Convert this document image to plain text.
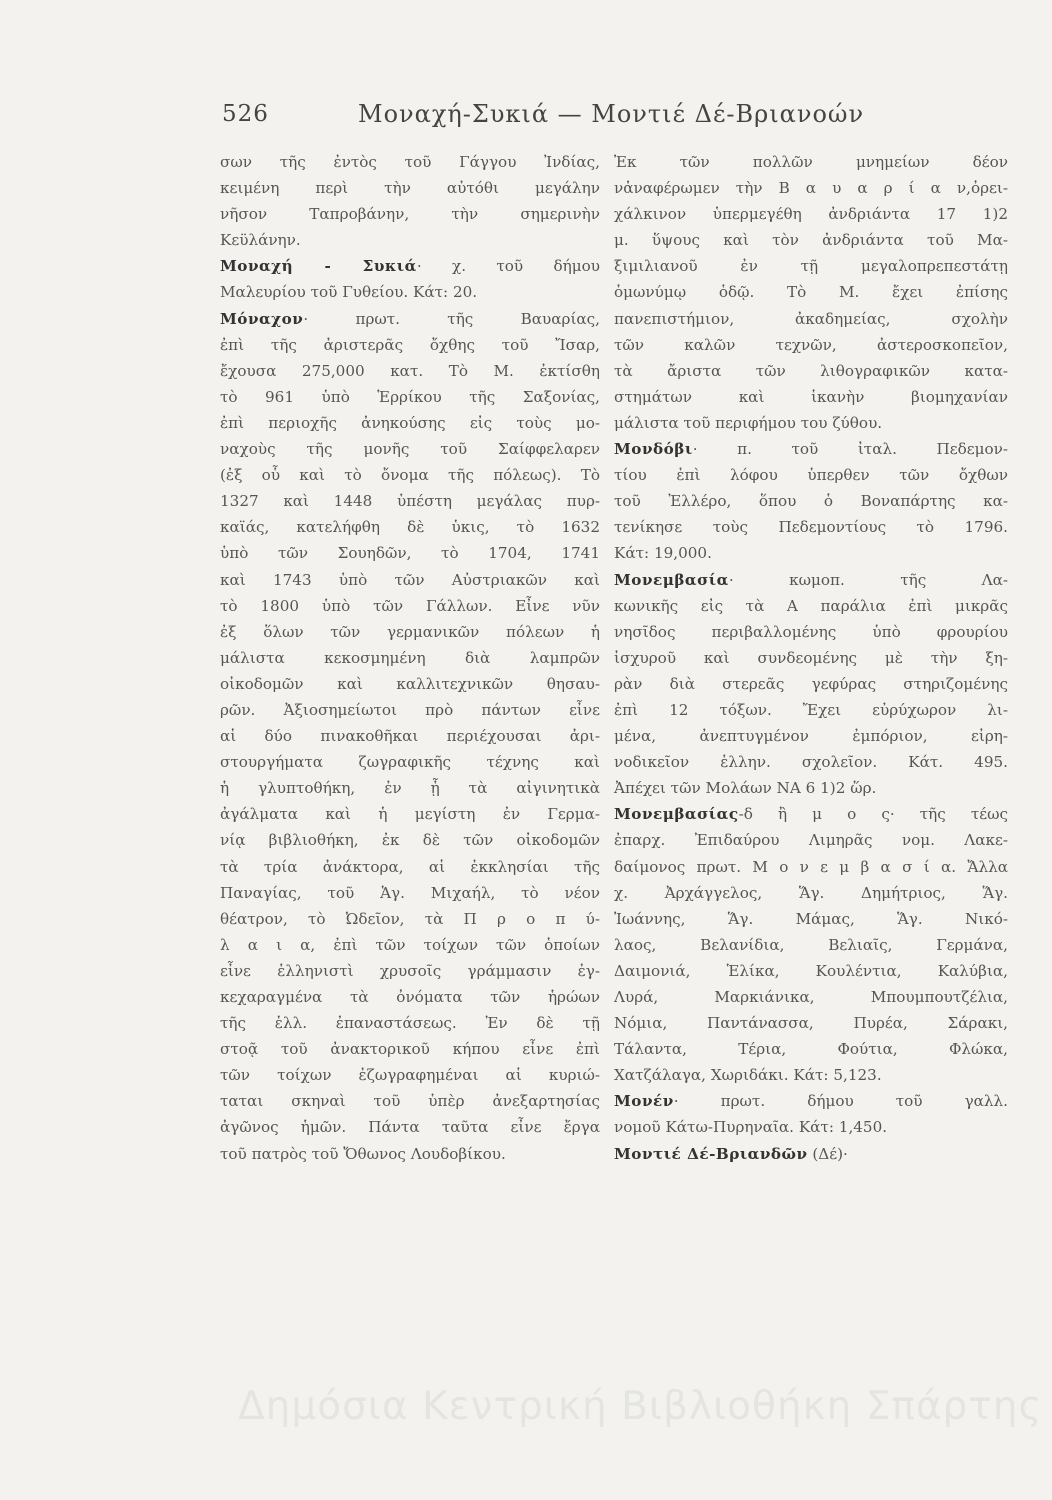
526	Μοναχή-Συκιά — Μοντιέ Δέ-Βριανοών
σων τῆς ἐντὸς τοῦ Γάγγου Ἰνδίας,
κειμένη περὶ τὴν αὐτόθι μεγάλην
νῆσον Ταπροβάνην, τὴν σημερινὴν
Κεϋλάνην.
Μοναχή - Συκιά· χ. τοῦ δήμου
Μαλευρίου τοῦ Γυθείου. Κάτ: 20.
Μόναχον· πρωτ. τῆς Βαυαρίας,
ἐπὶ τῆς ἀριστερᾶς ὄχθης τοῦ Ἴσαρ,
ἔχουσα 275,000 κατ. Τὸ Μ. ἐκτίσθη
τὸ 961 ὑπὸ Ἑρρίκου τῆς Σαξονίας,
ἐπὶ περιοχῆς ἀνηκούσης εἰς τοὺς μο-
ναχοὺς τῆς μονῆς τοῦ Σαίφφελαρεν
(ἐξ οὗ καὶ τὸ ὄνομα τῆς πόλεως). Τὸ
1327 καὶ 1448 ὑπέστη μεγάλας πυρ-
καϊάς, κατελήφθη δὲ ὑκις, τὸ 1632
ὑπὸ τῶν Σουηδῶν, τὸ 1704, 1741
καὶ 1743 ὑπὸ τῶν Αὐστριακῶν καὶ
τὸ 1800 ὑπὸ τῶν Γάλλων. Εἶνε νῦν
ἐξ ὅλων τῶν γερμανικῶν πόλεων ἡ
μάλιστα κεκοσμημένη διὰ λαμπρῶν
οἰκοδομῶν καὶ καλλιτεχνικῶν θησαυ-
ρῶν. Ἀξιοσημείωτοι πρὸ πάντων εἶνε
αἱ δύο πινακοθῆκαι περιέχουσαι ἀρι-
στουργήματα ζωγραφικῆς τέχνης καὶ
ἡ γλυπτοθήκη, ἐν ᾗ τὰ αἰγινητικὰ
ἀγάλματα καὶ ἡ μεγίστη ἐν Γερμα-
νίᾳ βιβλιοθήκη, ἐκ δὲ τῶν οἰκοδομῶν
τὰ τρία ἀνάκτορα, αἱ ἐκκλησίαι τῆς
Παναγίας, τοῦ Ἁγ. Μιχαήλ, τὸ νέον
θέατρον, τὸ Ὠδεῖον, τὰ Π ρ ο π ύ-
λ α ι α, ἐπὶ τῶν τοίχων τῶν ὁποίων
εἶνε ἑλληνιστὶ χρυσοῖς γράμμασιν ἐγ-
κεχαραγμένα τὰ ὀνόματα τῶν ἡρώων
τῆς ἑλλ. ἐπαναστάσεως. Ἐν δὲ τῇ
στοᾷ τοῦ ἀνακτορικοῦ κήπου εἶνε ἐπὶ
τῶν τοίχων ἐζωγραφημέναι αἱ κυριώ-
ταται σκηναὶ τοῦ ὑπὲρ ἀνεξαρτησίας
ἀγῶνος ἡμῶν. Πάντα ταῦτα εἶνε ἔργα
τοῦ πατρὸς τοῦ Ὄθωνος Λουδοβίκου.
Ἐκ τῶν πολλῶν μνημείων δέον
νἀναφέρωμεν τὴν Β α υ α ρ ί α ν,ὀρει-
χάλκινον ὑπερμεγέθη ἀνδριάντα 17 1)2
μ. ὕψους καὶ τὸν ἀνδριάντα τοῦ Μα-
ξιμιλιανοῦ ἐν τῇ μεγαλοπρεπεστάτῃ
ὁμωνύμῳ ὁδῷ. Τὸ Μ. ἔχει ἐπίσης
πανεπιστήμιον, ἀκαδημείας, σχολὴν
τῶν καλῶν τεχνῶν, ἀστεροσκοπεῖον,
τὰ ἄριστα τῶν λιθογραφικῶν κατα-
στημάτων καὶ ἱκανὴν βιομηχανίαν
μάλιστα τοῦ περιφήμου του ζύθου.
Μονδόβι· π. τοῦ ἰταλ. Πεδεμον-
τίου ἐπὶ λόφου ὑπερθεν τῶν ὄχθων
τοῦ Ἐλλέρο, ὅπου ὁ Βοναπάρτης κα-
τενίκησε τοὺς Πεδεμοντίους τὸ 1796.
Κάτ: 19,000.
Μονεμβασία· κωμοπ. τῆς Λα-
κωνικῆς εἰς τὰ Α παράλια ἐπὶ μικρᾶς
νησῖδος περιβαλλομένης ὑπὸ φρουρίου
ἰσχυροῦ καὶ συνδεομένης μὲ τὴν ξη-
ρὰν διὰ στερεᾶς γεφύρας στηριζομένης
ἐπὶ 12 τόξων. Ἔχει εὐρύχωρον λι-
μένα, ἀνεπτυγμένον ἐμπόριον, εἰρη-
νοδικεῖον ἑλλην. σχολεῖον. Κάτ. 495.
Ἀπέχει τῶν Μολάων ΝΑ 6 1)2 ὥρ.
Μονεμβασίας-δ ἢ μ ο ς· τῆς τέως
ἐπαρχ. Ἐπιδαύρου Λιμηρᾶς νομ. Λακε-
δαίμονος πρωτ. Μ ο ν ε μ β α σ ί α. Ἄλλα
χ. Ἀρχάγγελος, Ἅγ. Δημήτριος, Ἅγ.
Ἰωάννης, Ἅγ. Μάμας, Ἅγ. Νικό-
λαος, Βελανίδια, Βελιαῖς, Γερμάνα,
Δαιμονιά, Ἑλίκα, Κουλέντια, Καλύβια,
Λυρά, Μαρκιάνικα, Μπουμπουτζέλια,
Νόμια, Παντάνασσα, Πυρέα, Σάρακι,
Τάλαντα, Τέρια, Φούτια, Φλώκα,
Χατζάλαγα, Χωριδάκι. Κάτ: 5,123.
Μονέν· πρωτ. δήμου τοῦ γαλλ.
νομοῦ Κάτω-Πυρηναῖα. Κάτ: 1,450.
Μοντιέ Δέ-Βριανδῶν (Δέ)·
Δημόσια Κεντρική Βιβλιοθήκη Σπάρτης
